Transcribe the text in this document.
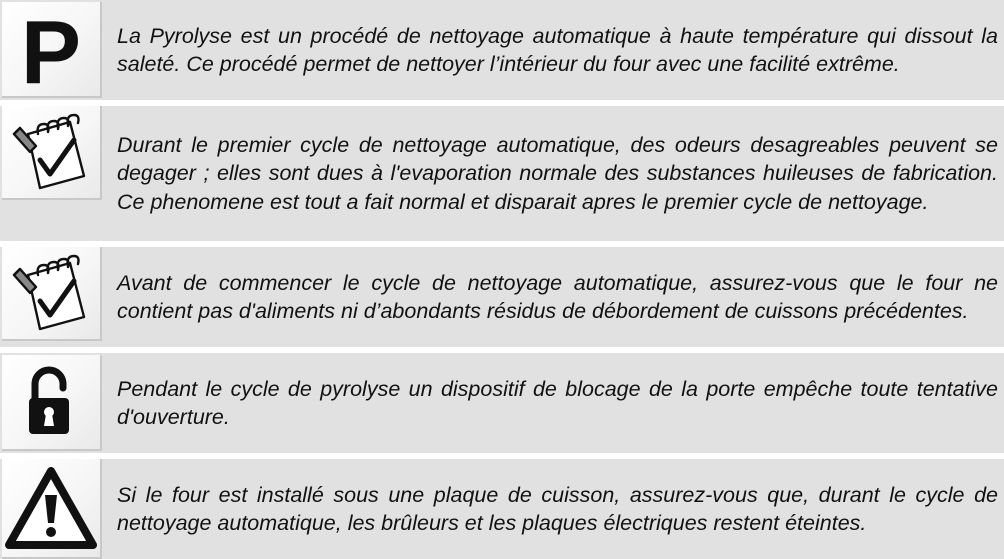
P La Pyrolyse est un procédé de nettoyage automatique à haute température qui dissout la saleté. Ce procédé permet de nettoyer l’intérieur du four avec une facilité extrême.

Durant le premier cycle de nettoyage automatique, des odeurs desagreables peuvent se degager ; elles sont dues à l'evaporation normale des substances huileuses de fabrication. Ce phenomene est tout a fait normal et disparait apres le premier cycle de nettoyage.

Avant de commencer le cycle de nettoyage automatique, assurez-vous que le four ne contient pas d'aliments ni d’abondants résidus de débordement de cuissons précédentes.

Pendant le cycle de pyrolyse un dispositif de blocage de la porte empêche toute tentative d'ouverture.

Si le four est installé sous une plaque de cuisson, assurez-vous que, durant le cycle de nettoyage automatique, les brûleurs et les plaques électriques restent éteintes.
